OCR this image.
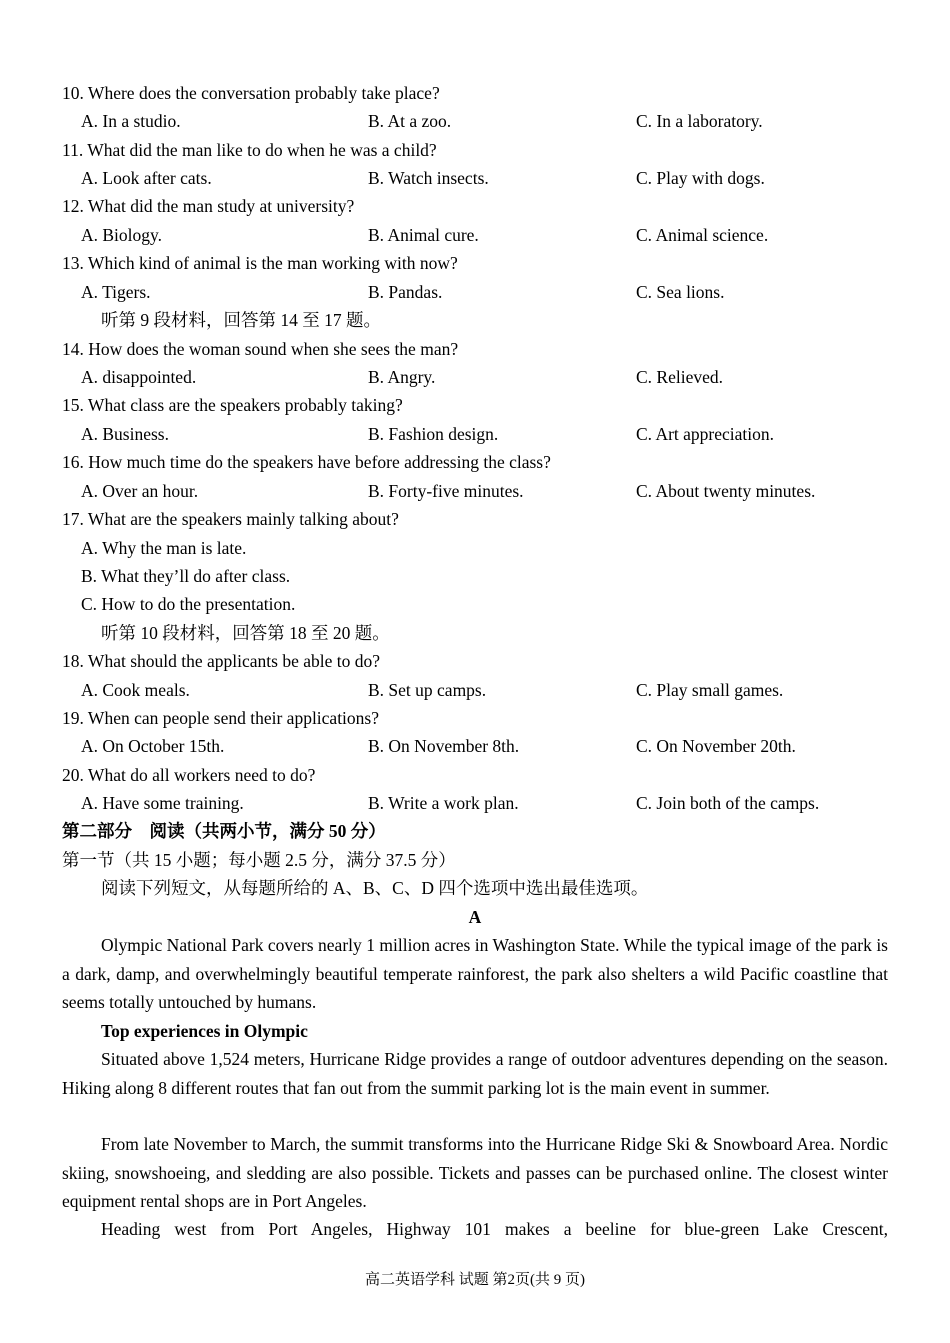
10. Where does the conversation probably take place?
A. In a studio.	B. At a zoo.	C. In a laboratory.
11. What did the man like to do when he was a child?
A. Look after cats.	B. Watch insects.	C. Play with dogs.
12. What did the man study at university?
A. Biology.	B. Animal cure.	C. Animal science.
13. Which kind of animal is the man working with now?
A. Tigers.	B. Pandas.	C. Sea lions.
听第 9 段材料，回答第 14 至 17 题。
14. How does the woman sound when she sees the man?
A. disappointed.	B. Angry.	C. Relieved.
15. What class are the speakers probably taking?
A. Business.	B. Fashion design.	C. Art appreciation.
16. How much time do the speakers have before addressing the class?
A. Over an hour.	B. Forty-five minutes.	C. About twenty minutes.
17. What are the speakers mainly talking about?
A. Why the man is late.
B. What they’ll do after class.
C. How to do the presentation.
听第 10 段材料，回答第 18 至 20 题。
18. What should the applicants be able to do?
A. Cook meals.	B. Set up camps.	C. Play small games.
19. When can people send their applications?
A. On October 15th.	B. On November 8th.	C. On November 20th.
20. What do all workers need to do?
A. Have some training.	B. Write a work plan.	C. Join both of the camps.
第二部分　阅读（共两小节，满分 50 分）
第一节（共 15 小题；每小题 2.5 分，满分 37.5 分）
阅读下列短文，从每题所给的 A、B、C、D 四个选项中选出最佳选项。
A
Olympic National Park covers nearly 1 million acres in Washington State. While the typical image of the park is a dark, damp, and overwhelmingly beautiful temperate rainforest, the park also shelters a wild Pacific coastline that seems totally untouched by humans.
Top experiences in Olympic
Situated above 1,524 meters, Hurricane Ridge provides a range of outdoor adventures depending on the season. Hiking along 8 different routes that fan out from the summit parking lot is the main event in summer.
From late November to March, the summit transforms into the Hurricane Ridge Ski & Snowboard Area. Nordic skiing, snowshoeing, and sledding are also possible. Tickets and passes can be purchased online. The closest winter equipment rental shops are in Port Angeles.
Heading west from Port Angeles, Highway 101 makes a beeline for blue-green Lake Crescent,
高二英语学科 试题 第2页(共 9 页)
